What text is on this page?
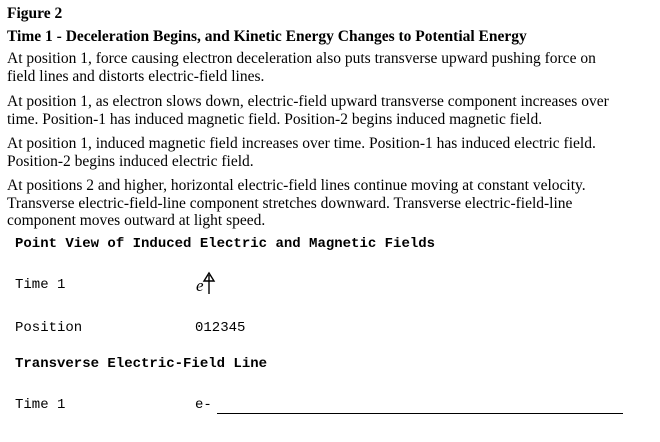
Figure 2
Time 1 - Deceleration Begins, and Kinetic Energy Changes to Potential Energy
At position 1, force causing electron deceleration also puts transverse upward pushing force on
field lines and distorts electric-field lines.
At position 1, as electron slows down, electric-field upward transverse component increases over
time. Position-1 has induced magnetic field. Position-2 begins induced magnetic field.
At position 1, induced magnetic field increases over time. Position-1 has induced electric field.
Position-2 begins induced electric field.
At positions 2 and higher, horizontal electric-field lines continue moving at constant velocity.
Transverse electric-field-line component stretches downward. Transverse electric-field-line
component moves outward at light speed.
Point View of Induced Electric and Magnetic Fields
Time 1	e
Position	012345
Transverse Electric-Field Line
Time 1	e-
